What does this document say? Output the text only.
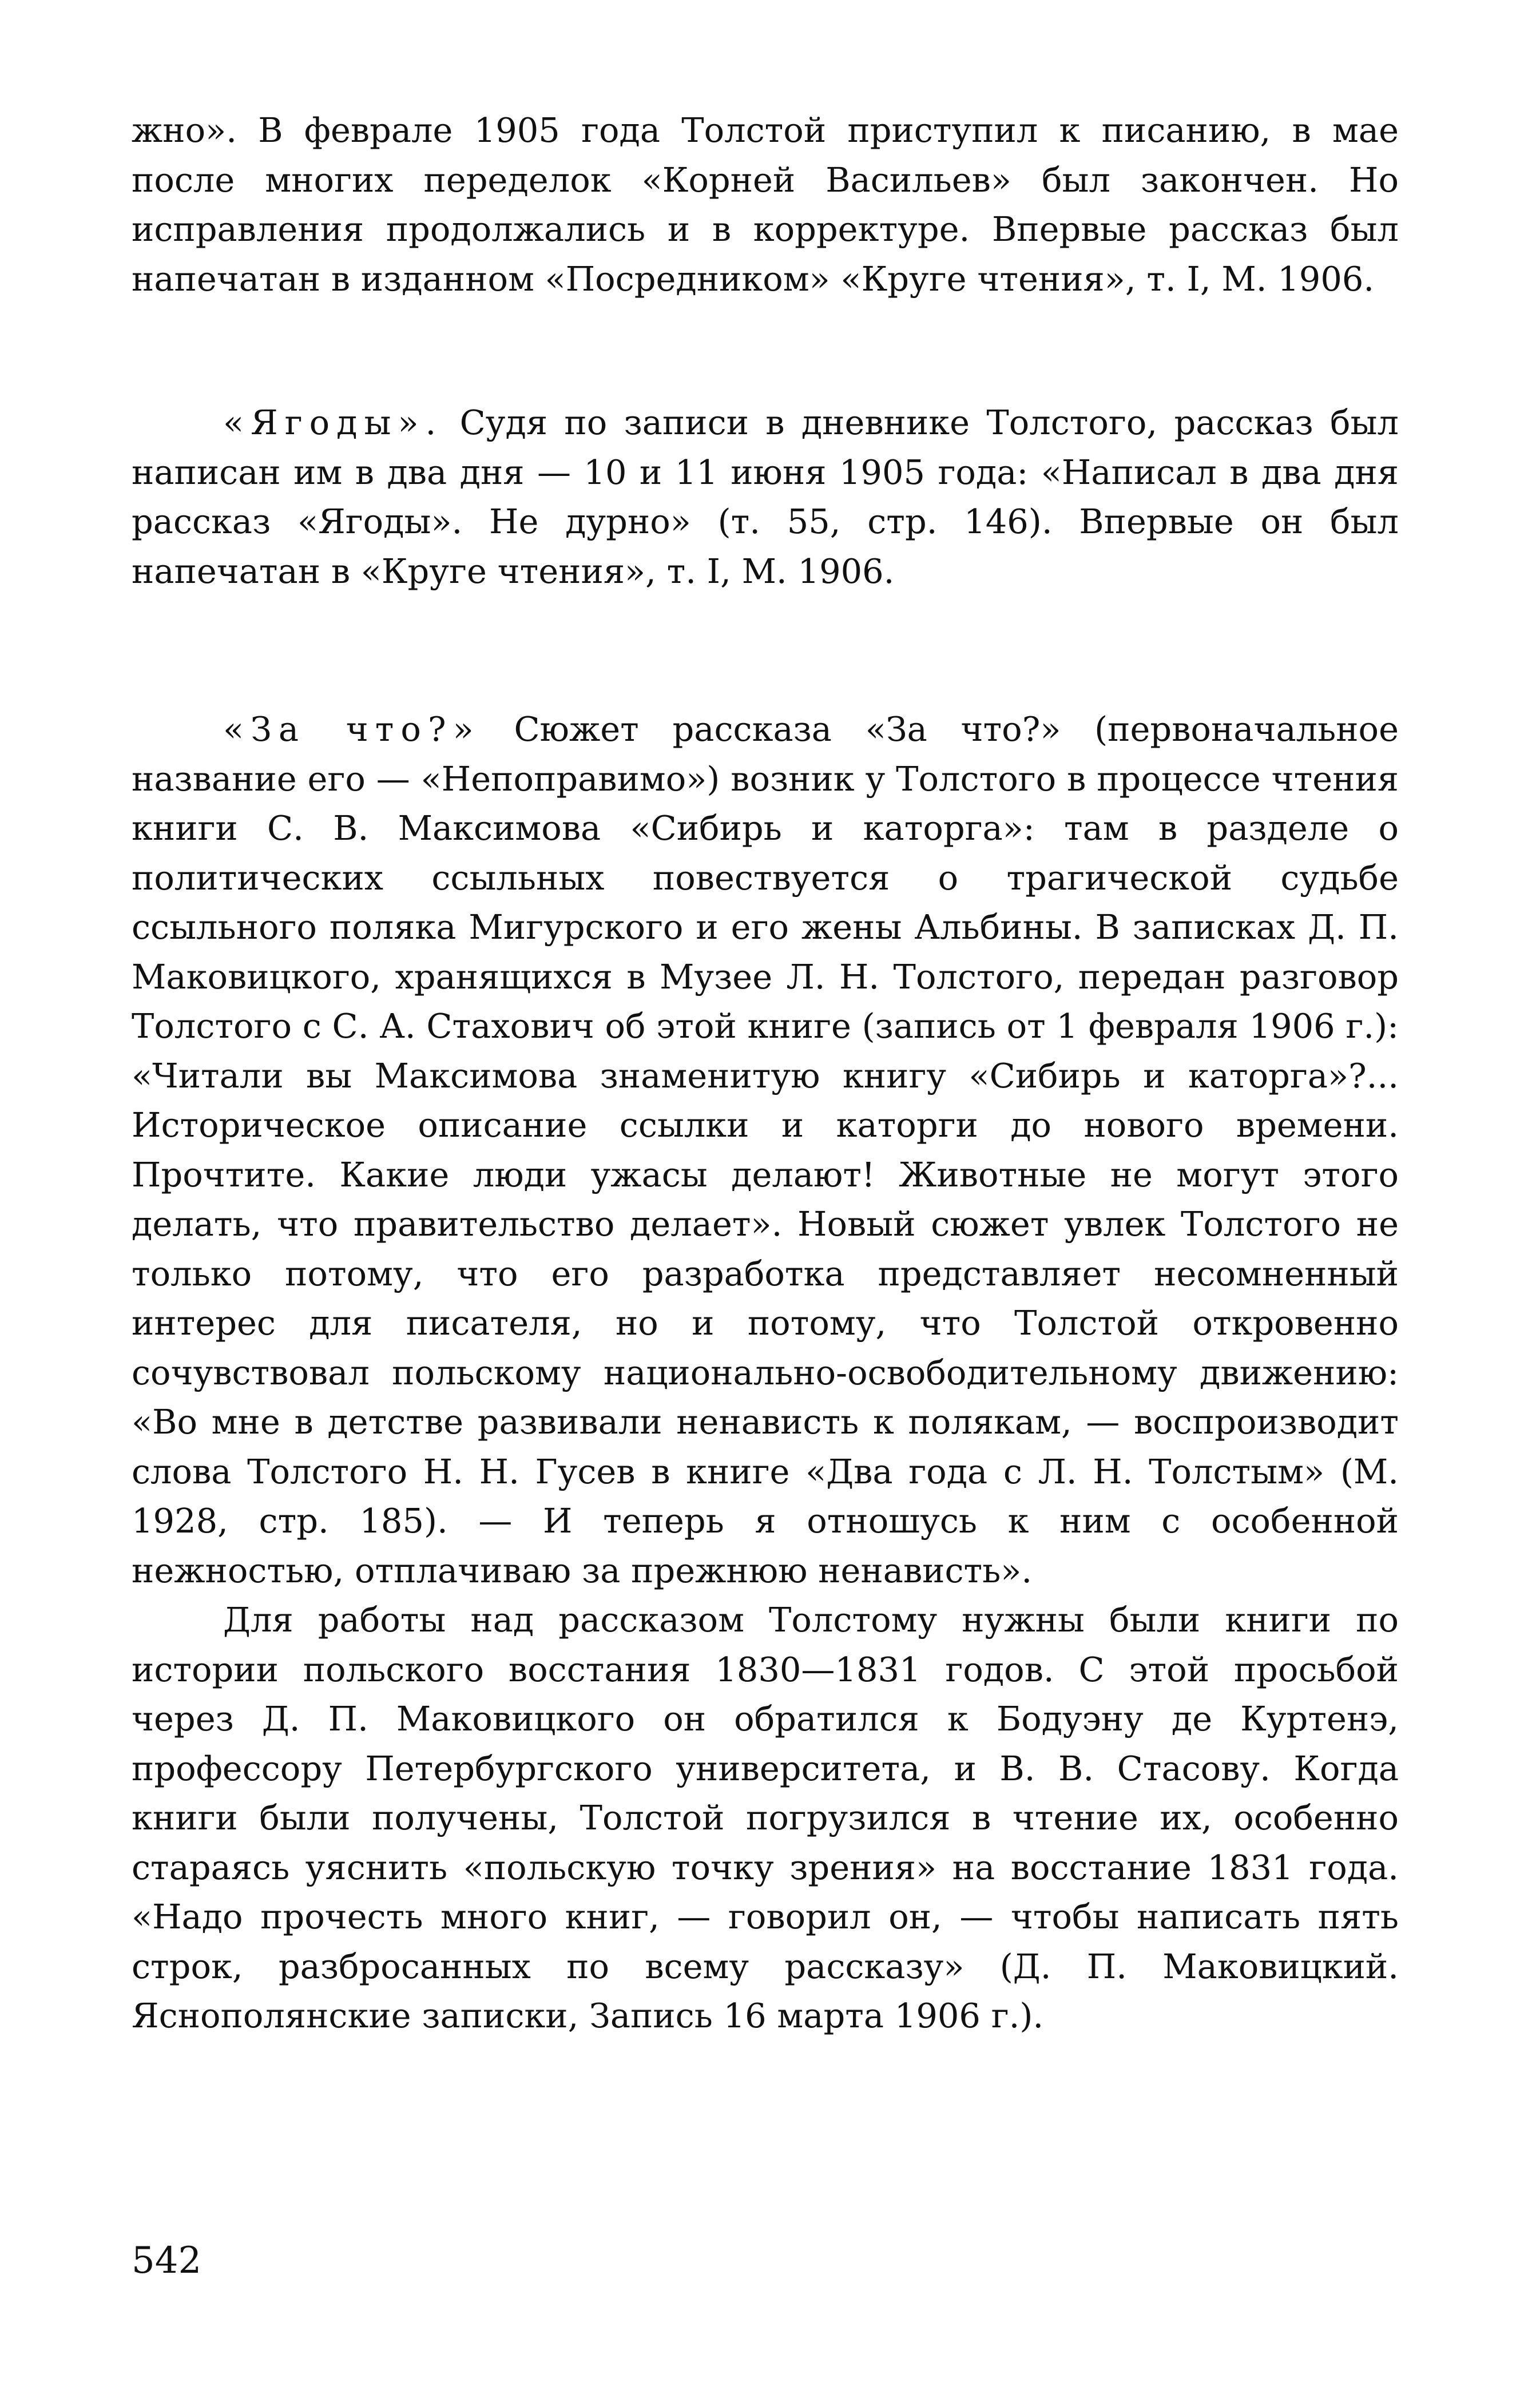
жно». В феврале 1905 года Толстой приступил к писанию, в мае после многих переделок «Корней Васильев» был закончен. Но исправления продолжались и в корректуре. Впервые рассказ был напечатан в изданном «Посредником» «Круге чтения», т. I, М. 1906.

«Ягоды». Судя по записи в дневнике Толстого, рассказ был написан им в два дня — 10 и 11 июня 1905 года: «Написал в два дня рассказ «Ягоды». Не дурно» (т. 55, стр. 146). Впервые он был напечатан в «Круге чтения», т. I, М. 1906.

«За что?» Сюжет рассказа «За что?» (первоначальное название его — «Непоправимо») возник у Толстого в процессе чтения книги С. В. Максимова «Сибирь и каторга»: там в разделе о политических ссыльных повествуется о трагической судьбе ссыльного поляка Мигурского и его жены Альбины. В записках Д. П. Маковицкого, хранящихся в Музее Л. Н. Толстого, передан разговор Толстого с С. А. Стахович об этой книге (запись от 1 февраля 1906 г.): «Читали вы Максимова знаменитую книгу «Сибирь и каторга»?... Историческое описание ссылки и каторги до нового времени. Прочтите. Какие люди ужасы делают! Животные не могут этого делать, что правительство делает». Новый сюжет увлек Толстого не только потому, что его разработка представляет несомненный интерес для писателя, но и потому, что Толстой откровенно сочувствовал польскому национально-освободительному движению: «Во мне в детстве развивали ненависть к полякам, — воспроизводит слова Толстого Н. Н. Гусев в книге «Два года с Л. Н. Толстым» (М. 1928, стр. 185). — И теперь я отношусь к ним с особенной нежностью, отплачиваю за прежнюю ненависть».

Для работы над рассказом Толстому нужны были книги по истории польского восстания 1830—1831 годов. С этой просьбой через Д. П. Маковицкого он обратился к Бодуэну де Куртенэ, профессору Петербургского университета, и В. В. Стасову. Когда книги были получены, Толстой погрузился в чтение их, особенно стараясь уяснить «польскую точку зрения» на восстание 1831 года. «Надо прочесть много книг, — говорил он, — чтобы написать пять строк, разбросанных по всему рассказу» (Д. П. Маковицкий. Яснополянские записки, Запись 16 марта 1906 г.).

542
